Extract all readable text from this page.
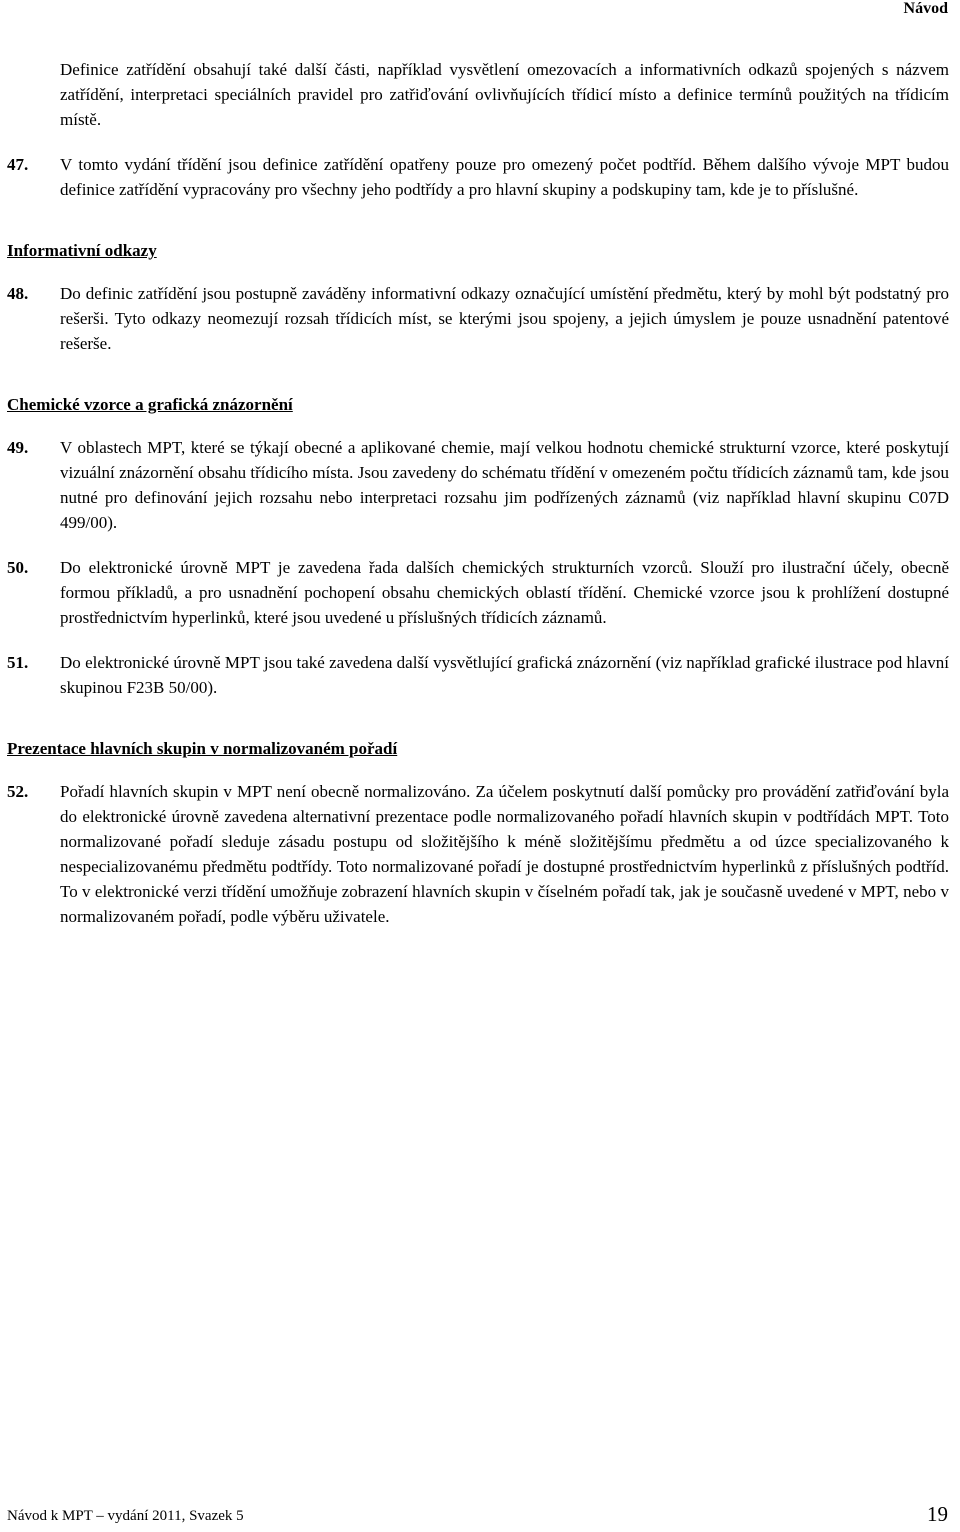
Návod
Definice zatřídění obsahují také další části, například vysvětlení omezovacích a informativních odkazů spojených s názvem zatřídění, interpretaci speciálních pravidel pro zatřiďování ovlivňujících třídicí místo a definice termínů použitých na třídicím místě.
47.	V tomto vydání třídění jsou definice zatřídění opatřeny pouze pro omezený počet podtříd. Během dalšího vývoje MPT budou definice zatřídění vypracovány pro všechny jeho podtřídy a pro hlavní skupiny a podskupiny tam, kde je to příslušné.
Informativní odkazy
48.	Do definic zatřídění jsou postupně zaváděny informativní odkazy označující umístění předmětu, který by mohl být podstatný pro rešerši. Tyto odkazy neomezují rozsah třídicích míst, se kterými jsou spojeny, a jejich úmyslem je pouze usnadnění patentové rešerše.
Chemické vzorce a grafická znázornění
49.	V oblastech MPT, které se týkají obecné a aplikované chemie, mají velkou hodnotu chemické strukturní vzorce, které poskytují vizuální znázornění obsahu třídicího místa. Jsou zavedeny do schématu třídění v omezeném počtu třídicích záznamů tam, kde jsou nutné pro definování jejich rozsahu nebo interpretaci rozsahu jim podřízených záznamů (viz například hlavní skupinu C07D 499/00).
50.	Do elektronické úrovně MPT je zavedena řada dalších chemických strukturních vzorců. Slouží pro ilustrační účely, obecně formou příkladů, a pro usnadnění pochopení obsahu chemických oblastí třídění. Chemické vzorce jsou k prohlížení dostupné prostřednictvím hyperlinků, které jsou uvedené u příslušných třídicích záznamů.
51.	Do elektronické úrovně MPT jsou také zavedena další vysvětlující grafická znázornění (viz například grafické ilustrace pod hlavní skupinou F23B 50/00).
Prezentace hlavních skupin v normalizovaném pořadí
52.	Pořadí hlavních skupin v MPT není obecně normalizováno. Za účelem poskytnutí další pomůcky pro provádění zatřiďování byla do elektronické úrovně zavedena alternativní prezentace podle normalizovaného pořadí hlavních skupin v podtřídách MPT. Toto normalizované pořadí sleduje zásadu postupu od složitějšího k méně složitějšímu předmětu a od úzce specializovaného k nespecializovanému předmětu podtřídy. Toto normalizované pořadí je dostupné prostřednictvím hyperlinků z příslušných podtříd. To v elektronické verzi třídění umožňuje zobrazení hlavních skupin v číselném pořadí tak, jak je současně uvedené v MPT, nebo v normalizovaném pořadí, podle výběru uživatele.
Návod k MPT – vydání 2011, Svazek 5	19
